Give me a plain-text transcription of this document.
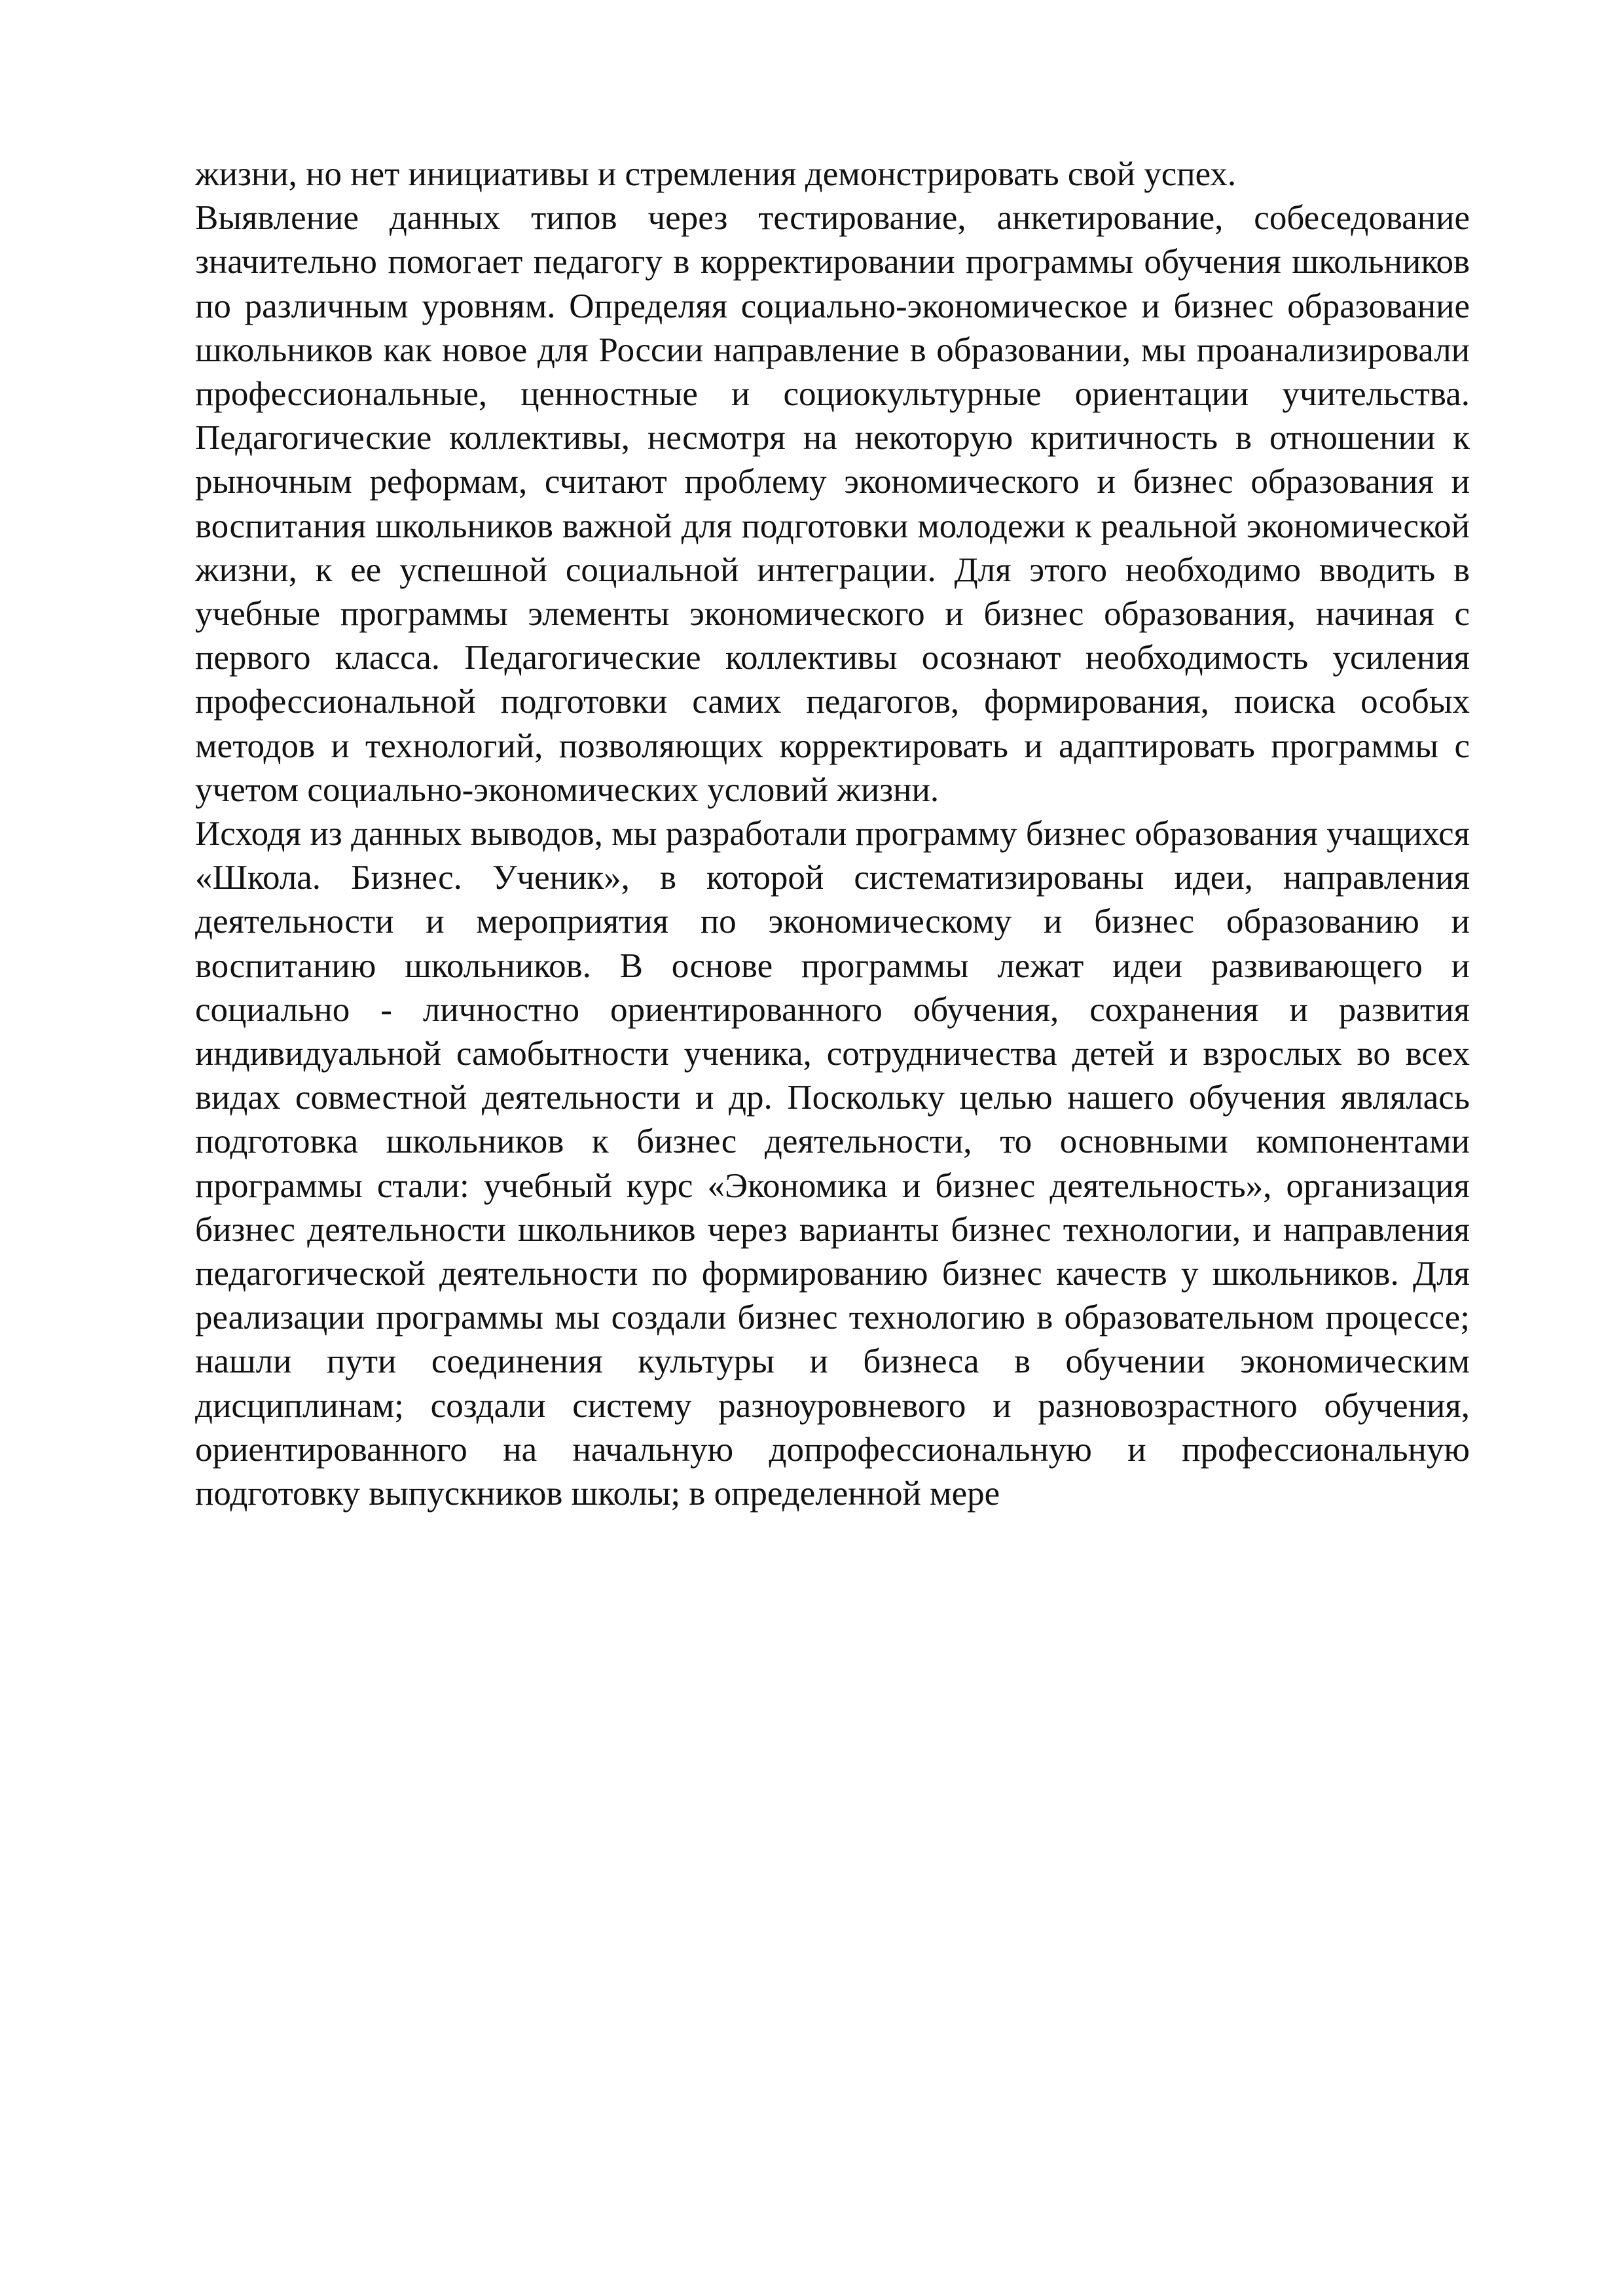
жизни, но нет инициативы и стремления демонстрировать свой успех.

Выявление данных типов через тестирование, анкетирование, собеседование значительно помогает педагогу в корректировании программы обучения школьников по различным уровням. Определяя социально-экономическое и бизнес образование школьников как новое для России направление в образовании, мы проанализировали профессиональные, ценностные и социокультурные ориентации учительства. Педагогические коллективы, несмотря на некоторую критичность в отношении к рыночным реформам, считают проблему экономического и бизнес образования и воспитания школьников важной для подготовки молодежи к реальной экономической жизни, к ее успешной социальной интеграции. Для этого необходимо вводить в учебные программы элементы экономического и бизнес образования, начиная с первого класса. Педагогические коллективы осознают необходимость усиления профессиональной подготовки самих педагогов, формирования, поиска особых методов и технологий, позволяющих корректировать и адаптировать программы с учетом социально-экономических условий жизни.

Исходя из данных выводов, мы разработали программу бизнес образования учащихся «Школа. Бизнес. Ученик», в которой систематизированы идеи, направления деятельности и мероприятия по экономическому и бизнес образованию и воспитанию школьников. В основе программы лежат идеи развивающего и социально - личностно ориентированного обучения, сохранения и развития индивидуальной самобытности ученика, сотрудничества детей и взрослых во всех видах совместной деятельности и др. Поскольку целью нашего обучения являлась подготовка школьников к бизнес деятельности, то основными компонентами программы стали: учебный курс «Экономика и бизнес деятельность», организация бизнес деятельности школьников через варианты бизнес технологии, и направления педагогической деятельности по формированию бизнес качеств у школьников. Для реализации программы мы создали бизнес технологию в образовательном процессе; нашли пути соединения культуры и бизнеса в обучении экономическим дисциплинам; создали систему разноуровневого и разновозрастного обучения, ориентированного на начальную допрофессиональную и профессиональную подготовку выпускников школы; в определенной мере
